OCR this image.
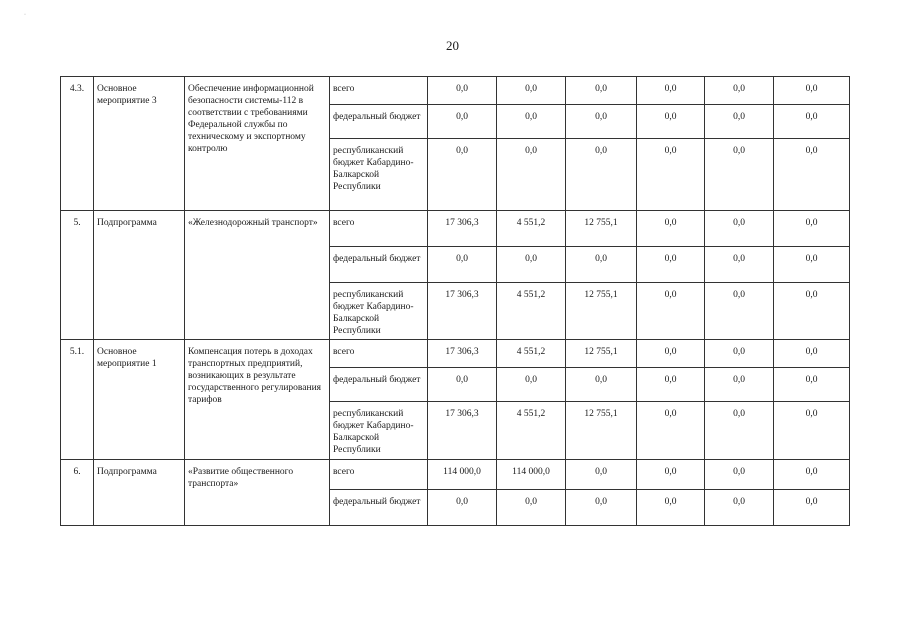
·
20
4.3.	Основное мероприятие 3	Обеспечение информационной безопасности системы-112 в соответствии с требованиями Федеральной службы по техническому и экспортному контролю	всего	0,0	0,0	0,0	0,0	0,0	0,0
			федеральный бюджет	0,0	0,0	0,0	0,0	0,0	0,0
			республиканский бюджет Кабардино-Балкарской Республики	0,0	0,0	0,0	0,0	0,0	0,0
5.	Подпрограмма	«Железнодорожный транспорт»	всего	17 306,3	4 551,2	12 755,1	0,0	0,0	0,0
			федеральный бюджет	0,0	0,0	0,0	0,0	0,0	0,0
			республиканский бюджет Кабардино-Балкарской Республики	17 306,3	4 551,2	12 755,1	0,0	0,0	0,0
5.1.	Основное мероприятие 1	Компенсация потерь в доходах транспортных предприятий, возникающих в результате государственного регулирования тарифов	всего	17 306,3	4 551,2	12 755,1	0,0	0,0	0,0
			федеральный бюджет	0,0	0,0	0,0	0,0	0,0	0,0
			республиканский бюджет Кабардино-Балкарской Республики	17 306,3	4 551,2	12 755,1	0,0	0,0	0,0
6.	Подпрограмма	«Развитие общественного транспорта»	всего	114 000,0	114 000,0	0,0	0,0	0,0	0,0
			федеральный бюджет	0,0	0,0	0,0	0,0	0,0	0,0
